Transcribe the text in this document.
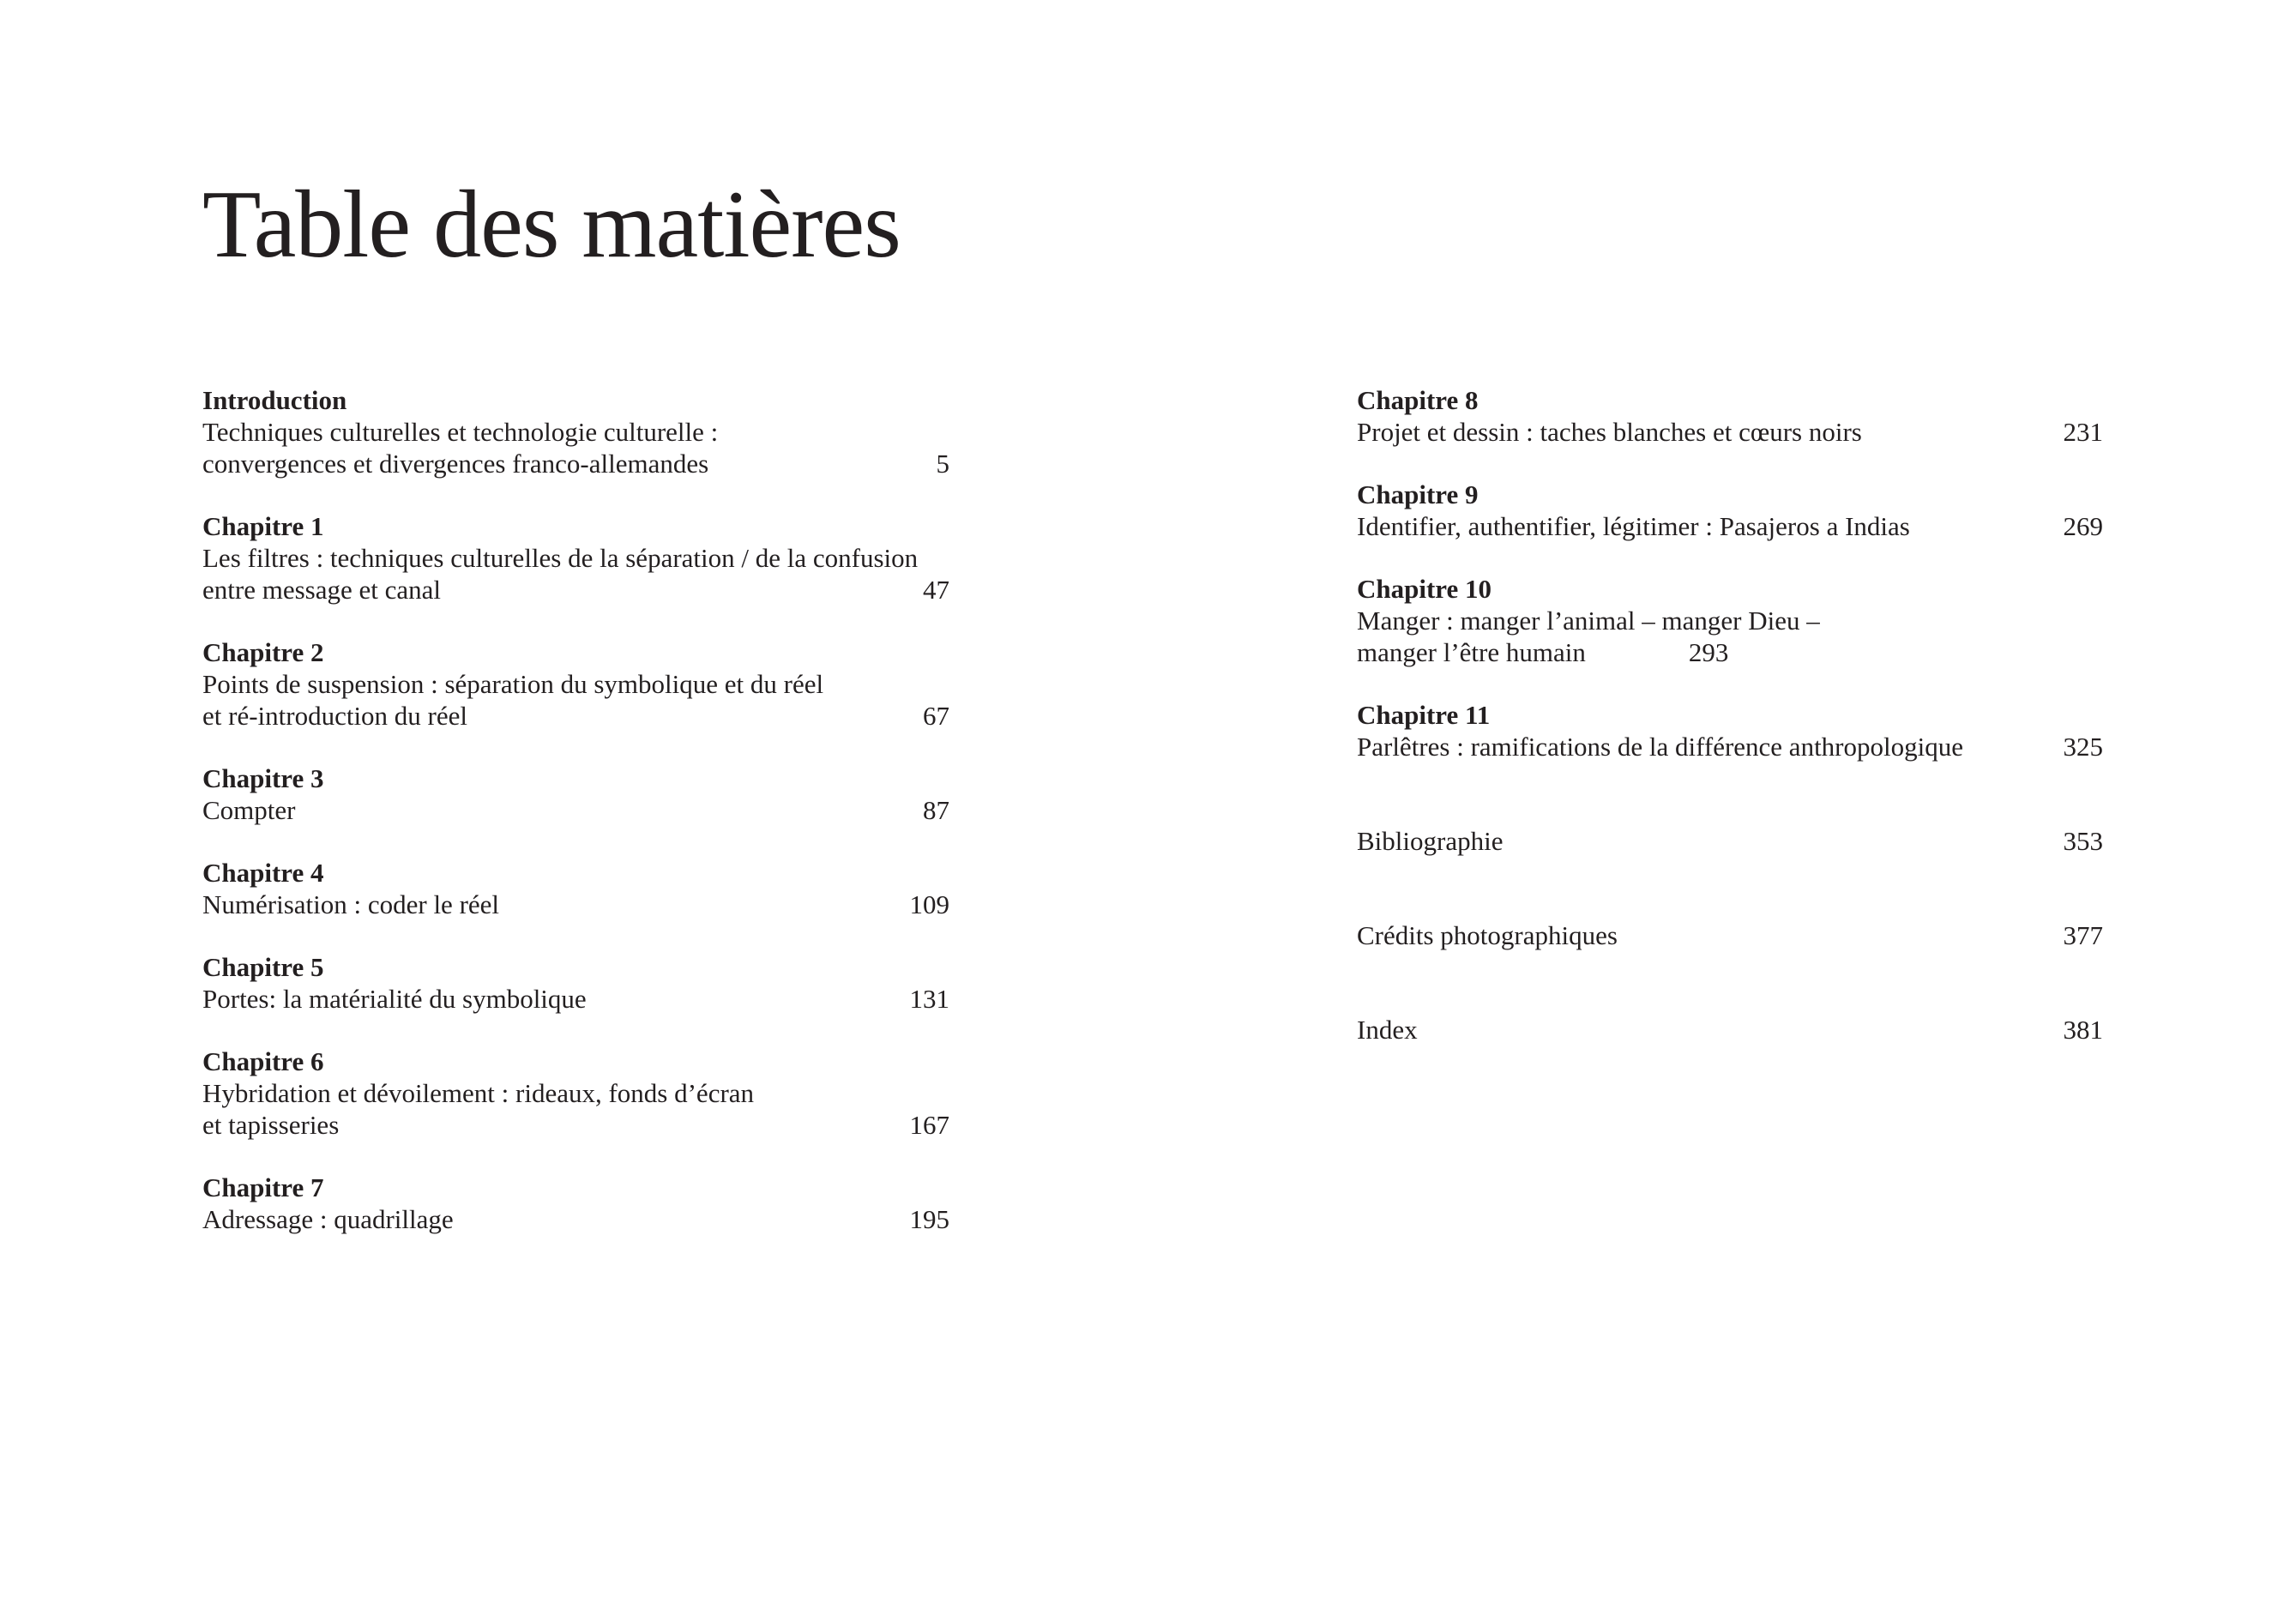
Table des matières
Introduction
Techniques culturelles et technologie culturelle :
convergences et divergences franco-allemandes	5
Chapitre 1
Les filtres : techniques culturelles de la séparation / de la confusion
entre message et canal	47
Chapitre 2
Points de suspension : séparation du symbolique et du réel
et ré-introduction du réel	67
Chapitre 3
Compter	87
Chapitre 4
Numérisation : coder le réel	109
Chapitre 5
Portes: la matérialité du symbolique	131
Chapitre 6
Hybridation et dévoilement : rideaux, fonds d’écran
et tapisseries	167
Chapitre 7
Adressage : quadrillage	195
Chapitre 8
Projet et dessin : taches blanches et cœurs noirs	231
Chapitre 9
Identifier, authentifier, légitimer : Pasajeros a Indias	269
Chapitre 10
Manger : manger l’animal – manger Dieu –
manger l’être humain	293
Chapitre 11
Parlêtres : ramifications de la différence anthropologique	325
Bibliographie	353
Crédits photographiques	377
Index	381
